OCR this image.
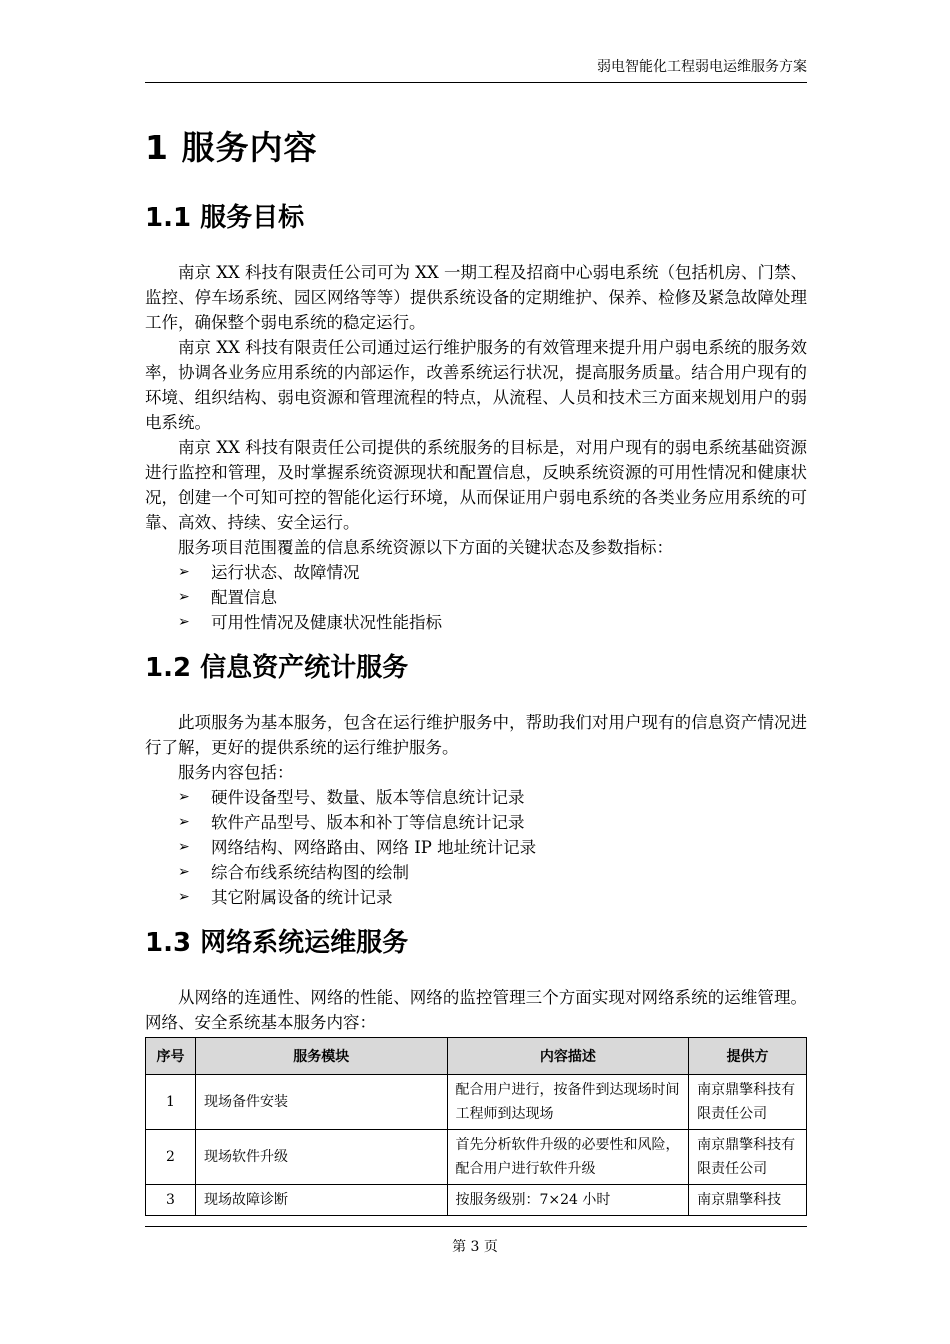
弱电智能化工程弱电运维服务方案
1 服务内容
1.1 服务目标

南京 XX 科技有限责任公司可为 XX 一期工程及招商中心弱电系统（包括机房、门禁、监控、停车场系统、园区网络等等）提供系统设备的定期维护、保养、检修及紧急故障处理工作，确保整个弱电系统的稳定运行。

南京 XX 科技有限责任公司通过运行维护服务的有效管理来提升用户弱电系统的服务效率，协调各业务应用系统的内部运作，改善系统运行状况，提高服务质量。结合用户现有的环境、组织结构、弱电资源和管理流程的特点，从流程、人员和技术三方面来规划用户的弱电系统。

南京 XX 科技有限责任公司提供的系统服务的目标是，对用户现有的弱电系统基础资源进行监控和管理，及时掌握系统资源现状和配置信息，反映系统资源的可用性情况和健康状况，创建一个可知可控的智能化运行环境，从而保证用户弱电系统的各类业务应用系统的可靠、高效、持续、安全运行。

服务项目范围覆盖的信息系统资源以下方面的关键状态及参数指标：

➢ 运行状态、故障情况
➢ 配置信息
➢ 可用性情况及健康状况性能指标
1.2 信息资产统计服务

此项服务为基本服务，包含在运行维护服务中，帮助我们对用户现有的信息资产情况进行了解，更好的提供系统的运行维护服务。

服务内容包括：

➢ 硬件设备型号、数量、版本等信息统计记录
➢ 软件产品型号、版本和补丁等信息统计记录
➢ 网络结构、网络路由、网络 IP 地址统计记录
➢ 综合布线系统结构图的绘制
➢ 其它附属设备的统计记录
1.3 网络系统运维服务

从网络的连通性、网络的性能、网络的监控管理三个方面实现对网络系统的运维管理。网络、安全系统基本服务内容：

序号	服务模块	内容描述	提供方
1	现场备件安装	配合用户进行，按备件到达现场时间工程师到达现场	南京鼎擎科技有限责任公司
2	现场软件升级	首先分析软件升级的必要性和风险，配合用户进行软件升级	南京鼎擎科技有限责任公司
3	现场故障诊断	按服务级别：7×24 小时	南京鼎擎科技
第 3 页
